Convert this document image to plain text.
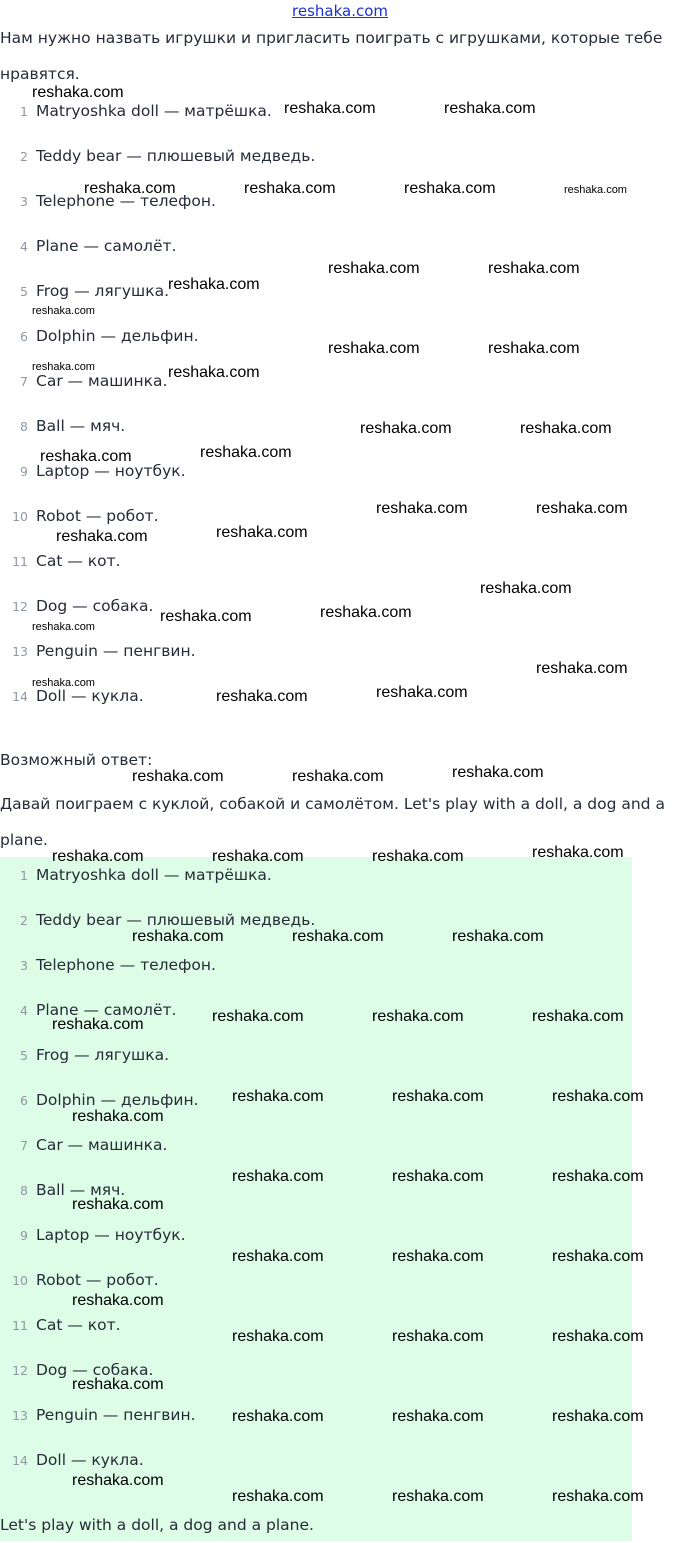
reshaka.com

Нам нужно назвать игрушки и пригласить поиграть с игрушками, которые тебе нравятся.

1 Matryoshka doll — матрёшка.
2 Teddy bear — плюшевый медведь.
3 Telephone — телефон.
4 Plane — самолёт.
5 Frog — лягушка.
6 Dolphin — дельфин.
7 Car — машинка.
8 Ball — мяч.
9 Laptop — ноутбук.
10 Robot — робот.
11 Cat — кот.
12 Dog — собака.
13 Penguin — пенгвин.
14 Doll — кукла.

Возможный ответ:

Давай поиграем с куклой, собакой и самолётом. Let's play with a doll, a dog and a plane.

1 Matryoshka doll — матрёшка.
2 Teddy bear — плюшевый медведь.
3 Telephone — телефон.
4 Plane — самолёт.
5 Frog — лягушка.
6 Dolphin — дельфин.
7 Car — машинка.
8 Ball — мяч.
9 Laptop — ноутбук.
10 Robot — робот.
11 Cat — кот.
12 Dog — собака.
13 Penguin — пенгвин.
14 Doll — кукла.

Let's play with a doll, a dog and a plane.

reshaka.com
reshaka.com	reshaka.com
reshaka.com	reshaka.com	reshaka.com	reshaka.com
reshaka.com	reshaka.com
reshaka.com
reshaka.com
reshaka.com	reshaka.com
reshaka.com	reshaka.com
reshaka.com	reshaka.com
reshaka.com
reshaka.com
reshaka.com	reshaka.com
reshaka.com	reshaka.com
reshaka.com
reshaka.com
reshaka.com
reshaka.com
reshaka.com
reshaka.com
reshaka.com
reshaka.com
reshaka.com	reshaka.com	reshaka.com
reshaka.com	reshaka.com	reshaka.com	reshaka.com
reshaka.com	reshaka.com	reshaka.com
reshaka.com	reshaka.com	reshaka.com
reshaka.com
reshaka.com	reshaka.com	reshaka.com
reshaka.com
reshaka.com	reshaka.com	reshaka.com
reshaka.com
reshaka.com	reshaka.com	reshaka.com
reshaka.com
reshaka.com	reshaka.com	reshaka.com
reshaka.com
reshaka.com	reshaka.com	reshaka.com
reshaka.com
reshaka.com	reshaka.com	reshaka.com
